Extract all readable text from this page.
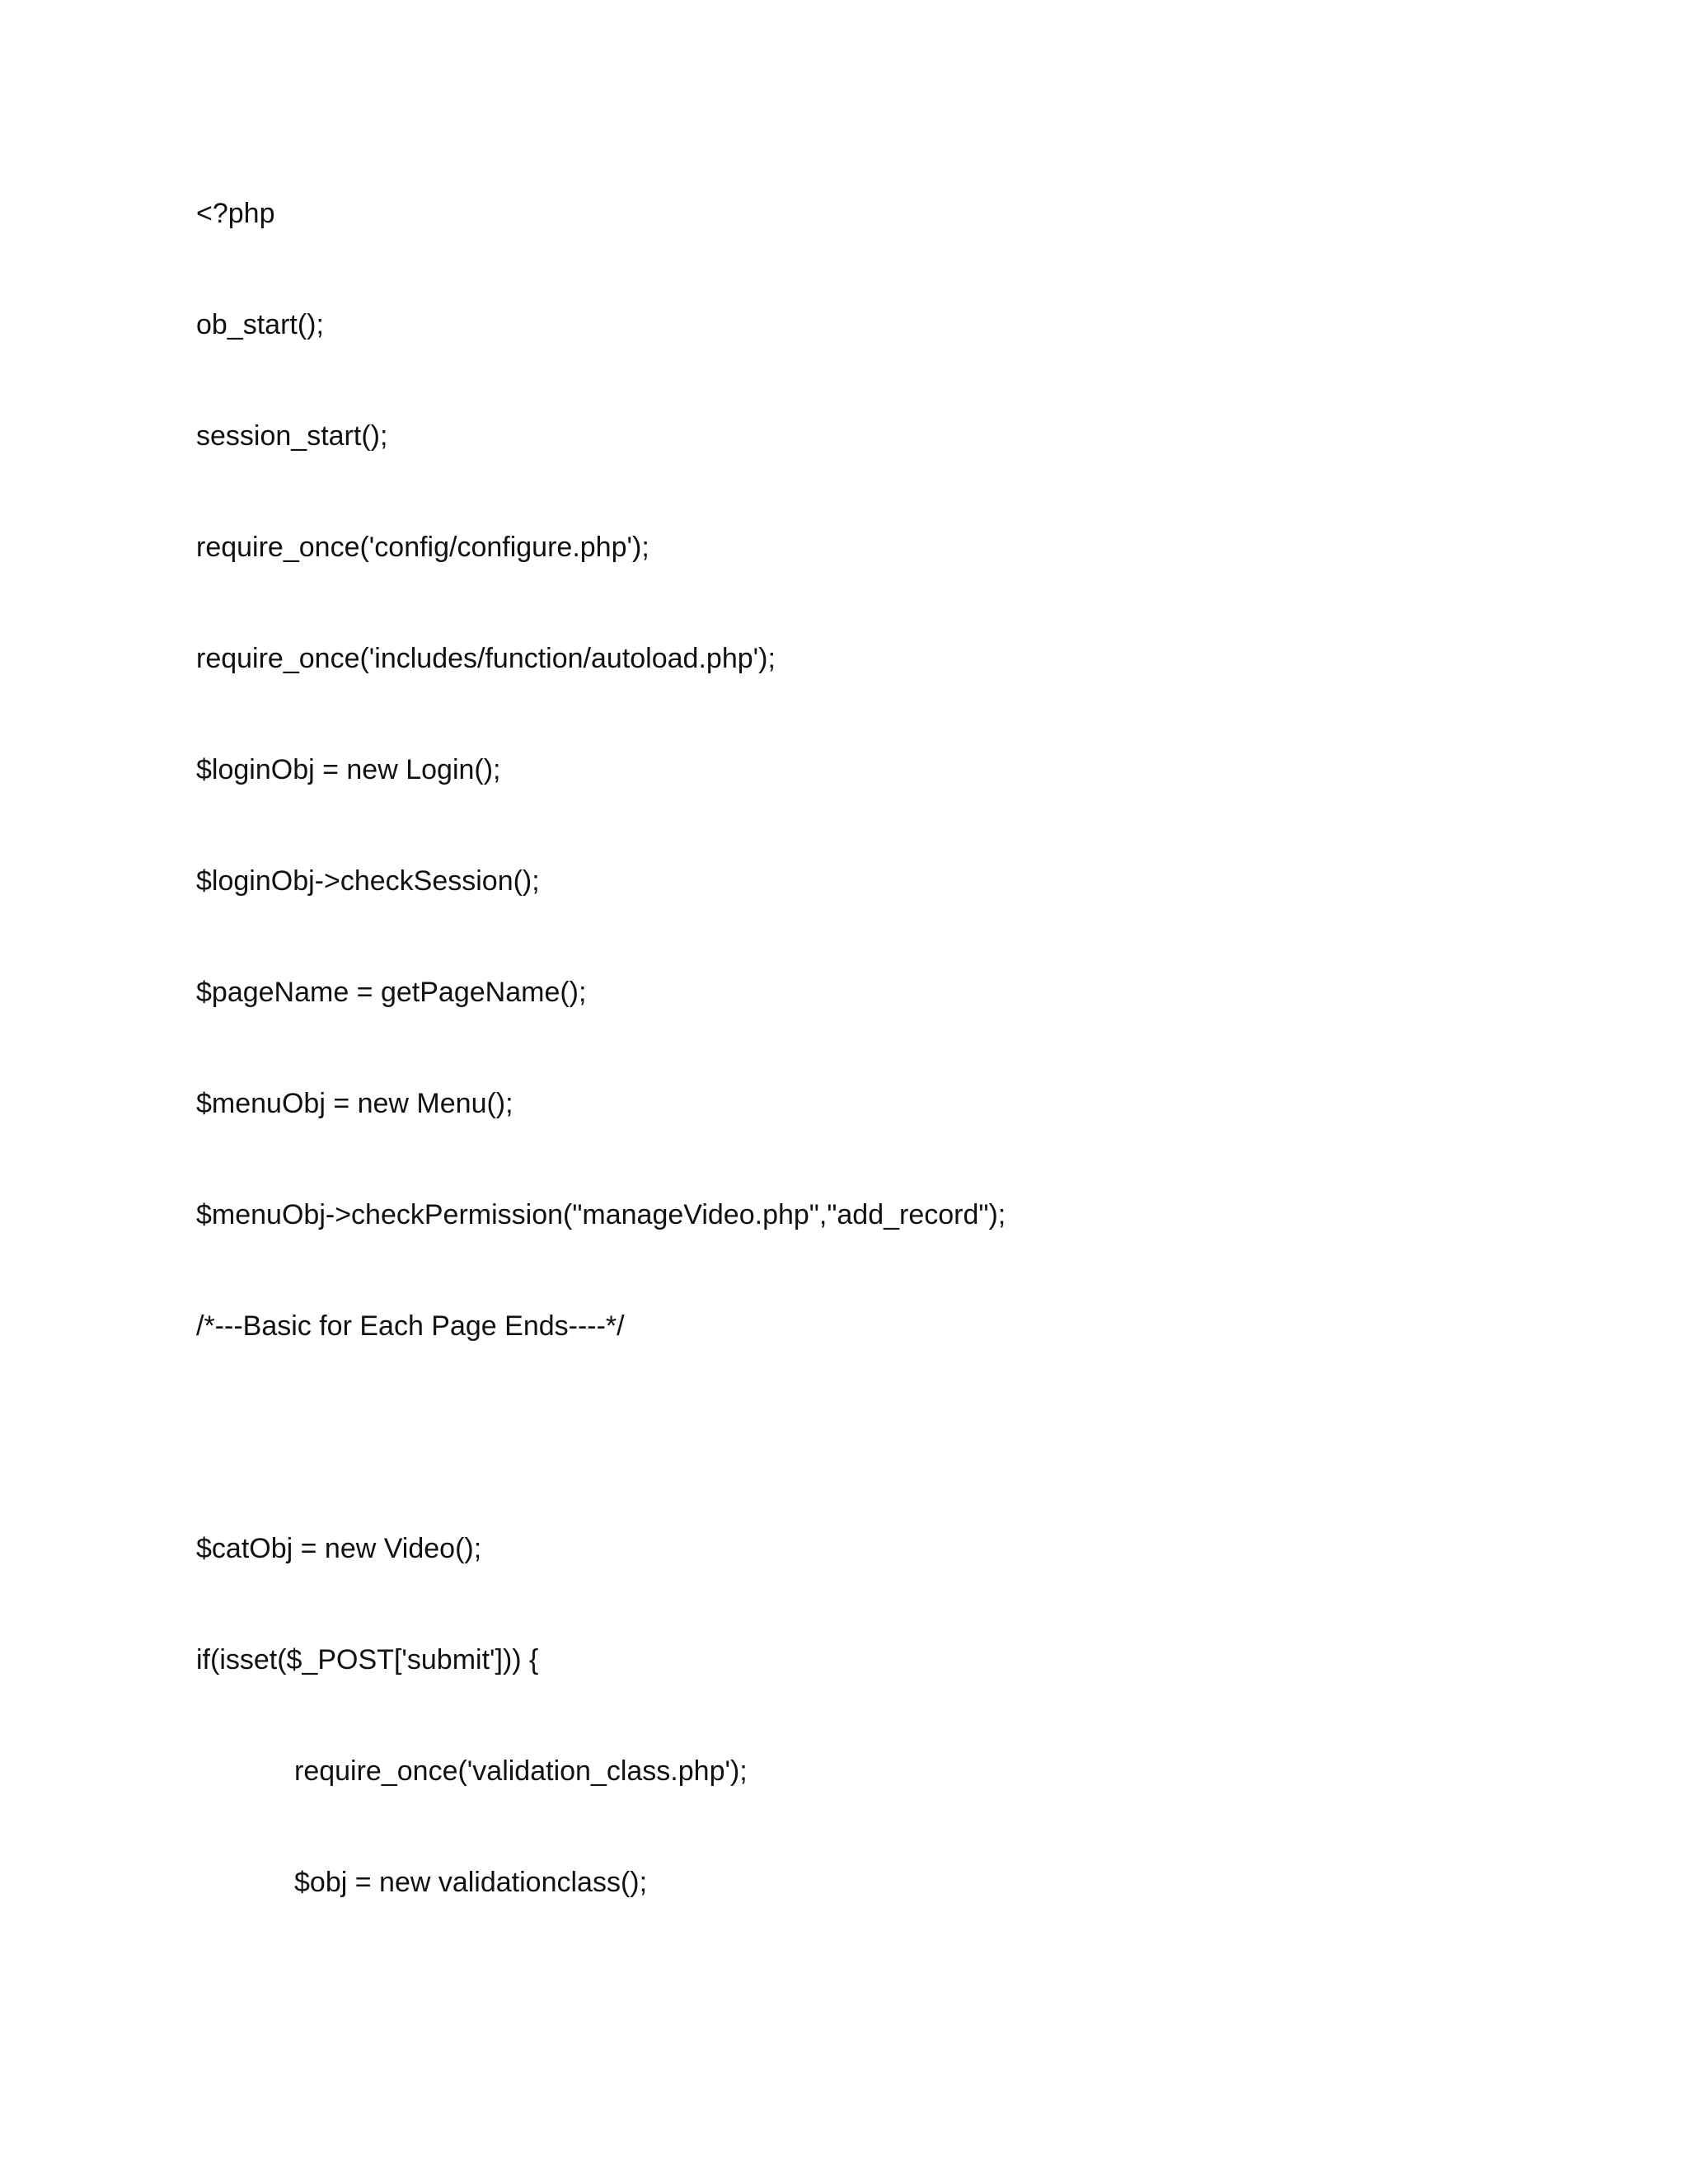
<?php

ob_start();

session_start();

require_once('config/configure.php');

require_once('includes/function/autoload.php');

$loginObj = new Login();

$loginObj->checkSession();

$pageName = getPageName();

$menuObj = new Menu();

$menuObj->checkPermission("manageVideo.php","add_record");

/*---Basic for Each Page Ends----*/

$catObj = new Video();

if(isset($_POST['submit'])) {

require_once('validation_class.php');

$obj = new validationclass();
